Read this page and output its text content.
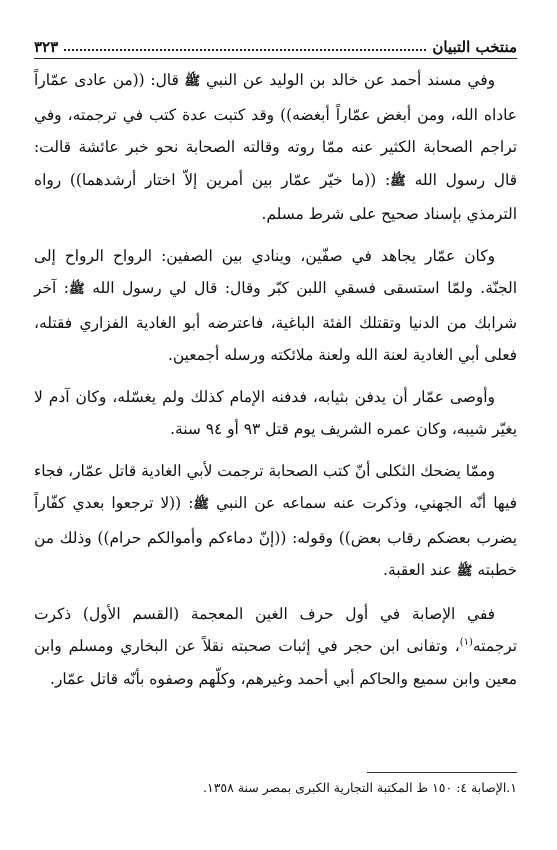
منتخب التبيان
٣٢٣

وفي مسند أحمد عن خالد بن الوليد عن النبي ﷺ قال: ((من عادى عمّاراً عاداه الله، ومن أبغض عمّاراً أبغضه)) وقد كتبت عدة كتب في ترجمته، وفي تراجم الصحابة الكثير عنه ممّا روته وقالته الصحابة نحو خبر عائشة قالت: قال رسول الله ﷺ: ((ما خيّر عمّار بين أمرين إلاّ اختار أرشدهما)) رواه الترمذي بإسناد صحيح على شرط مسلم.

وكان عمّار يجاهد في صفّين، وينادي بين الصفين: الرواح الرواح إلى الجنّة. ولمّا استسقى فسقي اللبن كبّر وقال: قال لي رسول الله ﷺ: آخر شرابك من الدنيا وتقتلك الفئة الباغية، فاعترضه أبو الغادية الفزاري فقتله، فعلى أبي الغادية لعنة الله ولعنة ملائكته ورسله أجمعين.

وأوصى عمّار أن يدفن بثيابه، فدفنه الإمام كذلك ولم يغسّله، وكان آدم لا يغيّر شيبه، وكان عمره الشريف يوم قتل ٩٣ أو ٩٤ سنة.

وممّا يضحك الثكلى أنّ كتب الصحابة ترجمت لأبي الغادية قاتل عمّار، فجاء فيها أنّه الجهني، وذكرت عنه سماعه عن النبي ﷺ: ((لا ترجعوا بعدي كفّاراً يضرب بعضكم رقاب بعض)) وقوله: ((إنّ دماءكم وأموالكم حرام)) وذلك من خطبته ﷺ عند العقبة.

ففي الإصابة في أول حرف الغين المعجمة (القسم الأول) ذكرت ترجمته$^{(١)}$، وتفانى ابن حجر في إثبات صحبته نقلاً عن البخاري ومسلم وابن معين وابن سميع والحاكم أبي أحمد وغيرهم، وكلّهم وصفوه بأنّه قاتل عمّار.

١.الإصابة ٤: ١٥٠ ط المكتبة التجارية الكبرى بمصر سنة ١٣٥٨.
